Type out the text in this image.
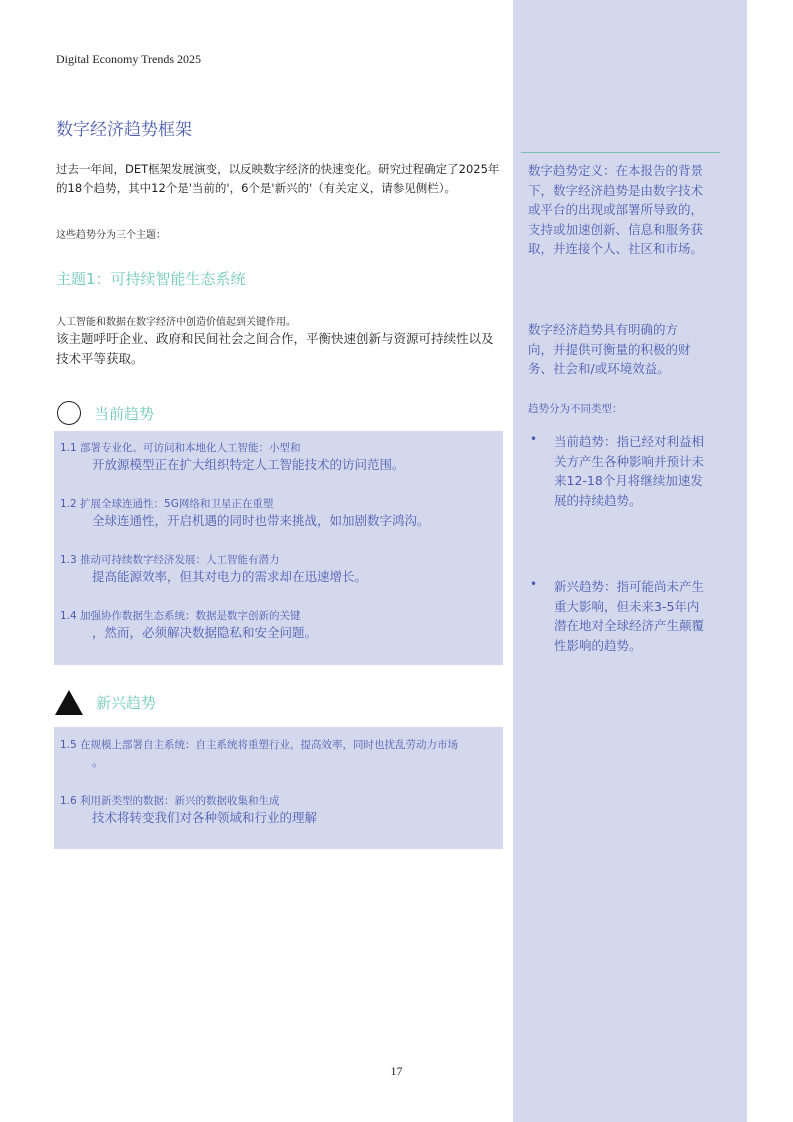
Digital Economy Trends 2025
数字经济趋势框架
过去一年间，DET框架发展演变，以反映数字经济的快速变化。研究过程确定了2025年的18个趋势，其中12个是'当前的'，6个是'新兴的'（有关定义，请参见侧栏）。
这些趋势分为三个主题：
主题1：可持续智能生态系统
人工智能和数据在数字经济中创造价值起到关键作用。
该主题呼吁企业、政府和民间社会之间合作，平衡快速创新与资源可持续性以及技术平等获取。
当前趋势
1.1 部署专业化、可访问和本地化人工智能：小型和
开放源模型正在扩大组织特定人工智能技术的访问范围。
1.2 扩展全球连通性：5G网络和卫星正在重塑
全球连通性，开启机遇的同时也带来挑战，如加剧数字鸿沟。
1.3 推动可持续数字经济发展：人工智能有潜力
提高能源效率，但其对电力的需求却在迅速增长。
1.4 加强协作数据生态系统：数据是数字创新的关键
，然而，必须解决数据隐私和安全问题。
新兴趋势
1.5 在规模上部署自主系统：自主系统将重塑行业，提高效率，同时也扰乱劳动力市场
。
1.6 利用新类型的数据：新兴的数据收集和生成
技术将转变我们对各种领域和行业的理解
数字趋势定义：在本报告的背景下，数字经济趋势是由数字技术或平台的出现或部署所导致的，支持或加速创新、信息和服务获取，并连接个人、社区和市场。
数字经济趋势具有明确的方向，并提供可衡量的积极的财务、社会和/或环境效益。
趋势分为不同类型：
•	当前趋势：指已经对利益相关方产生各种影响并预计未来12-18个月将继续加速发展的持续趋势。
•	新兴趋势：指可能尚未产生重大影响，但未来3-5年内潜在地对全球经济产生颠覆性影响的趋势。
17
